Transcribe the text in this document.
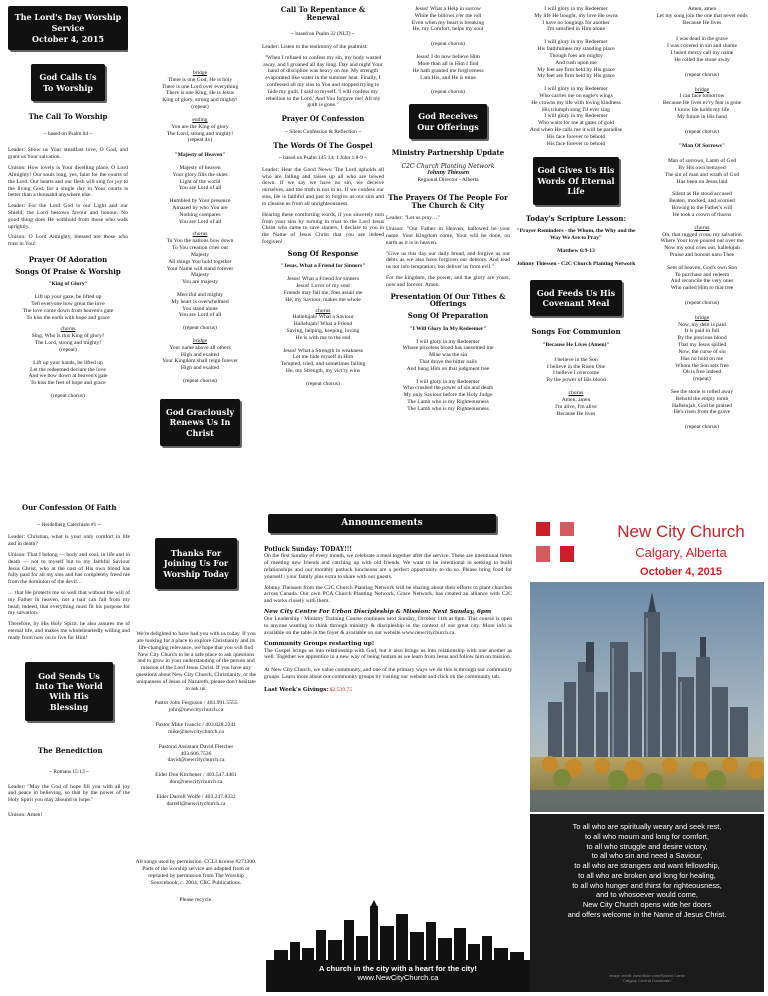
The Lord's Day Worship Service
October 4, 2015
God Calls Us To Worship
The Call To Worship
~ based on Psalm 84 ~

Leader: Show us Your steadfast love, O God, and grant us Your salvation.

Unison: How lovely is Your dwelling place, O Lord Almighty! Our souls long, yes, faint for the courts of the Lord. Our hearts and our flesh will sing for joy to the living God, for a single day in Your courts is better than a thousand anywhere else.

Leader: For the Lord God is our Light and our Shield; the Lord bestows favour and honour. No good thing does He withhold from those who walk uprightly.

Unison: O Lord Almighty, blessed are those who trust in You!

Prayer Of Adoration
Songs Of Praise & Worship
"King of Glory"
Lift up your gaze, be lifted up
Tell everyone how great the love
The love come down from heaven's gate
To kiss the earth with hope and grace
chorus
Sing, Who is this King of glory?
The Lord, strong and mighty!
(repeat)
Lift up your hands, be lifted up
Let the redeemed declare the love
And we bow down at heaven's gate
To kiss the feet of hope and grace
(repeat chorus)
bridge
There is one God, He is holy
There is one Lord over everything
There is one King, He is Jesus
King of glory, strong and mighty!
(repeat)
ending
You are the King of glory
The Lord, strong and mighty!
(repeat 4x)
"Majesty of Heaven"
Majesty of heaven
Your glory fills the skies
Light of the world
You are Lord of all
Humbled by Your presence
Amazed by who You are
Nothing compares
You are Lord of all
chorus
To You the nations bow down
To You creation cries out
Majesty
All things You hold together
Your Name will stand forever
Majesty
You are majesty
Merciful and mighty
My heart is overwhelmed
You stand alone
You are Lord of all
(repeat chorus)
bridge
Your name above all others
High and exalted
Your Kingdom shall reign forever
High and exalted
(repeat chorus)
God Graciously Renews Us In Christ
Call To Repentance & Renewal
~ based on Psalm 32 (NLT) ~

Leader: Listen to the testimony of the psalmist:

"When I refused to confess my sin, my body wasted away, and I groaned all day long. Day and night Your hand of discipline was heavy on me. My strength evaporated like water in the summer heat. Finally, I confessed all my sins to You and stopped trying to hide my guilt. I said to myself, 'I will confess my rebellion to the Lord.' And You forgave me! All my guilt is gone."

Prayer Of Confession
~ Silent Confession & Reflection ~
The Words Of The Gospel
~ based on Psalm 145:14; 1 John 1:8-9 ~

Leader: Hear the Good News: The Lord upholds all who are falling and raises up all who are bowed down. If we say we have no sin, we deceive ourselves, and the truth is not in us. If we confess our sins, He is faithful and just to forgive us our sins and to cleanse us from all unrighteousness.

Hearing these comforting words, if you sincerely turn from your sins by turning in trust to the Lord Jesus Christ who came to save sinners, I declare to you in the Name of Jesus Christ that you are indeed forgiven!

Song Of Response
"Jesus, What a Friend for Sinners"
Jesus! What a Friend for sinners
Jesus! Lover of my soul
Friends may fail me, foes assail me
He, my Saviour, makes me whole
chorus
Hallelujah! What a Saviour
Hallelujah! What a Friend
Saving, helping, keeping, loving
He is with me to the end
Jesus! What a Strength in weakness
Let me hide myself in Him
Tempted, tried, and sometimes failing
He, my Strength, my vict'ry wins
(repeat chorus)
Jesus! What a Help in sorrow
While the billows o'er me roll
Even when my heart is breaking
He, my Comfort, helps my soul
(repeat chorus)
Jesus! I do now believe Him
More than all in Him I find
He hath granted me forgiveness
I am His, and He is mine
(repeat chorus)
God Receives Our Offerings
Ministry Partnership Update
C2C Church Planting Network
Johnny Thiessen
Regional Director - Alberta
The Prayers Of The People For The Church & City

Leader: "Let us pray…"

Unison: "Our Father in Heaven, hallowed be your name. Your Kingdom come, Your will be done, on earth as it is in heaven.

"Give us this day our daily bread, and forgive us our debts as we also have forgiven our debtors. And lead us not into temptation, but deliver us from evil."

For the kingdom, the power, and the glory are yours, now and forever. Amen.

Presentation Of Our Tithes & Offerings
Song Of Preparation
"I Will Glory In My Redeemer"
I will glory in my Redeemer
Whose priceless blood has ransomed me
Mine was the sin
That drove the bitter nails
And hung Him on that judgment tree
I will glory in my Redeemer
Who crushed the power of sin and death
My only Saviour before the Holy Judge
The Lamb who is my Righteousness
The Lamb who is my Righteousness
I will glory in my Redeemer
My life He bought, my love He owns
I have no longings for another
I'm satisfied in Him alone
I will glory in my Redeemer
His faithfulness my standing place
Though foes are mighty
And rush upon me
My feet are firm held by His grace
My feet are firm held by His grace
I will glory in my Redeemer
Who carries me on eagle's wings
He crowns my life with loving kindness
His triumph song I'll ever sing
I will glory in my Redeemer
Who waits for me at gates of gold
And when He calls me it will be paradise
His face forever to behold
His face forever to behold
God Gives Us His Words Of Eternal Life
Today's Scripture Lesson:
"Prayer Reminders - the Whom, the Why and the Way We Are to Pray"
Matthew 6:9-13
Johnny Thiessen - C2C Church Planting Network
God Feeds Us His Covenant Meal
Songs For Communion
"Because He Lives (Amen)"
I believe in the Son
I believe in the Risen One
I believe I overcome
By the power of His blood
chorus
Amen, amen
I'm alive, I'm alive
Because He lives
Amen, amen
Let my song join the one that never ends
Because He lives
I was dead in the grave
I was covered in sin and shame
I heard mercy call my name
He rolled the stone away
(repeat chorus)
bridge
I can face tomorrow
Because He lives ev'ry fear is gone
I know He holds my life
My future in His hand
(repeat chorus)
"Man Of Sorrows"
Man of sorrows, Lamb of God
By His own betrayed
The sin of man and wrath of God
Has been on Jesus laid
Silent as He stood accused
Beaten, mocked, and scorned
Bowing to the Father's will
He took a crown of thorns
chorus
Oh, that rugged cross, my salvation
Where Your love poured out over me
Now my soul cries out, hallelujah
Praise and honour unto Thee
Sent of heaven, God's own Son
To purchase and redeem
And reconcile the very ones
Who nailed Him to that tree
(repeat chorus)
bridge
Now, my debt is paid
It is paid in full
By the precious blood
That my Jesus spilled
Now, the curse of sin
Has no hold on me
Whom the Son sets free
Oh is free indeed
(repeat)
See the stone is rolled away
Behold the empty tomb
Hallelujah, God be praised
He's risen from the grave
(repeat chorus)
Our Confession Of Faith
~ Heidelberg Catechism #1 ~

Leader: Christian, what is your only comfort in life and in death?

Unison: That I belong — body and soul, in life and in death — not to myself but to my faithful Saviour Jesus Christ, who at the cost of His own blood has fully paid for all my sins and has completely freed me from the dominion of the devil…

… that He protects me so well that without the will of my Father in heaven, not a hair can fall from my head; indeed, that everything must fit his purpose for my salvation.

Therefore, by His Holy Spirit, he also assures me of eternal life, and makes me wholeheartedly willing and ready from now on to live for Him!

God Sends Us Into The World With His Blessing
The Benediction
~ Romans 15:13 ~

Leader: "May the God of hope fill you with all joy and peace in believing, so that by the power of the Holy Spirit you may abound in hope."

Unison: Amen!

Thanks For Joining Us For Worship Today

We're delighted to have had you with us today. If you are looking for a place to explore Christianity and its life-changing relevance, we hope that you will find New City Church to be a safe place to ask questions and to grow in your understanding of the person and mission of the Lord Jesus Christ. If you have any questions about New City Church, Christianity, or the uniqueness of Jesus of Nazareth, please don't hesitate to ask us.

Pastor John Ferguson / 403.991.5555
john@newcitychurch.ca
Pastor Mike Ivancic / 403.828.2241
mike@newcitychurch.ca
Pastoral Assistant David Fletcher
403.606.7536
david@newcitychurch.ca
Elder Don Kitchener / 403.547.4461
don@newcitychurch.ca
Elder Darrell Wolfe / 403.247.8332
darrell@newcitychurch.ca

All songs used by permission. CCLI license #273300. Parts of the worship service are adapted from or reprinted by permission from The Worship Sourcebook, c. 2004, CRC Publications.

Please recycle.
Announcements
Potluck Sunday: TODAY!!!

On the first Sunday of every month, we celebrate a meal together after the service. These are intentional times of meeting new friends and catching up with old friends. We want to be intentional in seeking to build relationships and our monthly potluck luncheons are a perfect opportunity to do so. Please bring food for yourself / your family plus extra to share with our guests.

Johnny Theissen from the C2C Church Planting Network will be sharing about their efforts to plant churches across Canada. Our own PCA Church Planting Network, Grace Network, has created an alliance with C2C and works closely with them.

New City Centre For Urban Discipleship & Mission: Next Sunday, 6pm

Our Leadership / Ministry Training Course continues next Sunday, October 11th at 6pm. This course is open to anyone wanting to think through ministry & discipleship in the context of our great city. More info is available on the table in the foyer & available on our website www.newcitychurch.ca.

Community Groups restarting up!

The Gospel brings us into relationship with God, but it also brings us into relationship with one another as well. Together we apprentice in a new way of being human as we learn from Jesus and follow him on mission.

At New City Church, we value community, and one of the primary ways we do this is through our community groups. Learn more about our community groups by visiting our website and click on the community tab.

Last Week's Givings: $2,539.75
New City Church
Calgary, Alberta
October 4, 2015
To all who are spiritually weary and seek rest,
to all who mourn and long for comfort,
to all who struggle and desire victory,
to all who sin and need a Saviour,
to all who are strangers and want fellowship,
to all who are broken and long for healing,
to all who hunger and thirst for righteousness,
and to whosoever would come,
New City Church opens wide her doors
and offers welcome in the Name of Jesus Christ.
Image credit: www.flickr.com/Roland Carter
'Calgary Central Downtown'
A church in the city with a heart for the city!
www.NewCityChurch.ca
